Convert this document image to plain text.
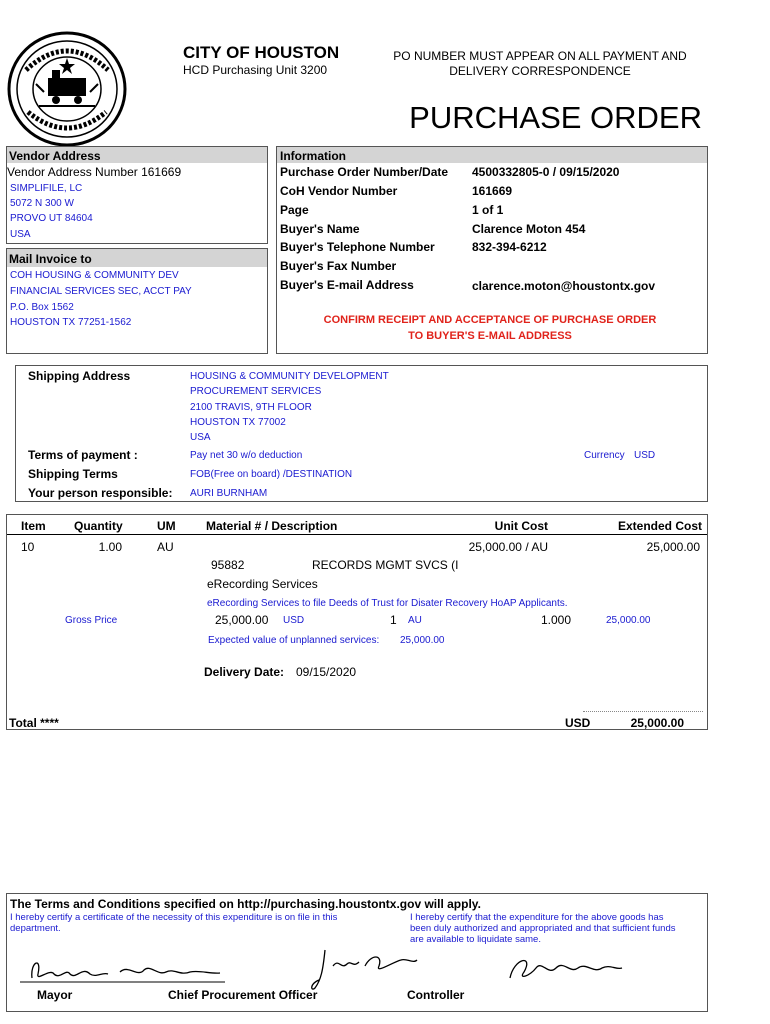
CITY OF HOUSTON
HCD Purchasing Unit 3200
PO NUMBER MUST APPEAR ON ALL PAYMENT AND
DELIVERY CORRESPONDENCE
PURCHASE ORDER
Vendor Address
Vendor Address Number 161669
SIMPLIFILE, LC
5072 N 300 W
PROVO UT 84604
USA
Mail Invoice to
COH HOUSING & COMMUNITY DEV
FINANCIAL SERVICES SEC, ACCT PAY
P.O. Box 1562
HOUSTON TX 77251-1562
Information
Purchase Order Number/Date 4500332805-0 / 09/15/2020
CoH Vendor Number	161669
Page	1 of 1
Buyer's Name	Clarence Moton 454
Buyer's Telephone Number	832-394-6212
Buyer's Fax Number
Buyer's E-mail Address	clarence.moton@houstontx.gov
CONFIRM RECEIPT AND ACCEPTANCE OF PURCHASE ORDER
TO BUYER'S E-MAIL ADDRESS
Shipping Address	HOUSING & COMMUNITY DEVELOPMENT
PROCUREMENT SERVICES
2100 TRAVIS, 9TH FLOOR
HOUSTON TX 77002
USA
Terms of payment :	Pay net 30 w/o deduction	Currency USD
Shipping Terms	FOB(Free on board) /DESTINATION
Your person responsible: AURI BURNHAM
Item Quantity	UM	Material # / Description	Unit Cost	Extended Cost
10	1.00	AU	25,000.00 / AU	25,000.00
95882	RECORDS MGMT SVCS (I
eRecording Services
eRecording Services to file Deeds of Trust for Disater Recovery HoAP Applicants.
Gross Price	25,000.00 USD	1 AU	1.000	25,000.00
Expected value of unplanned services: 25,000.00
Delivery Date: 09/15/2020
Total ****	USD	25,000.00
The Terms and Conditions specified on http://purchasing.houstontx.gov will apply.
I hereby certify a certificate of the necessity of this expenditure is on file in this department.
I hereby certify that the expenditure for the above goods has been duly authorized and appropriated and that sufficient funds are available to liquidate same.
Mayor	Chief Procurement Officer	Controller
